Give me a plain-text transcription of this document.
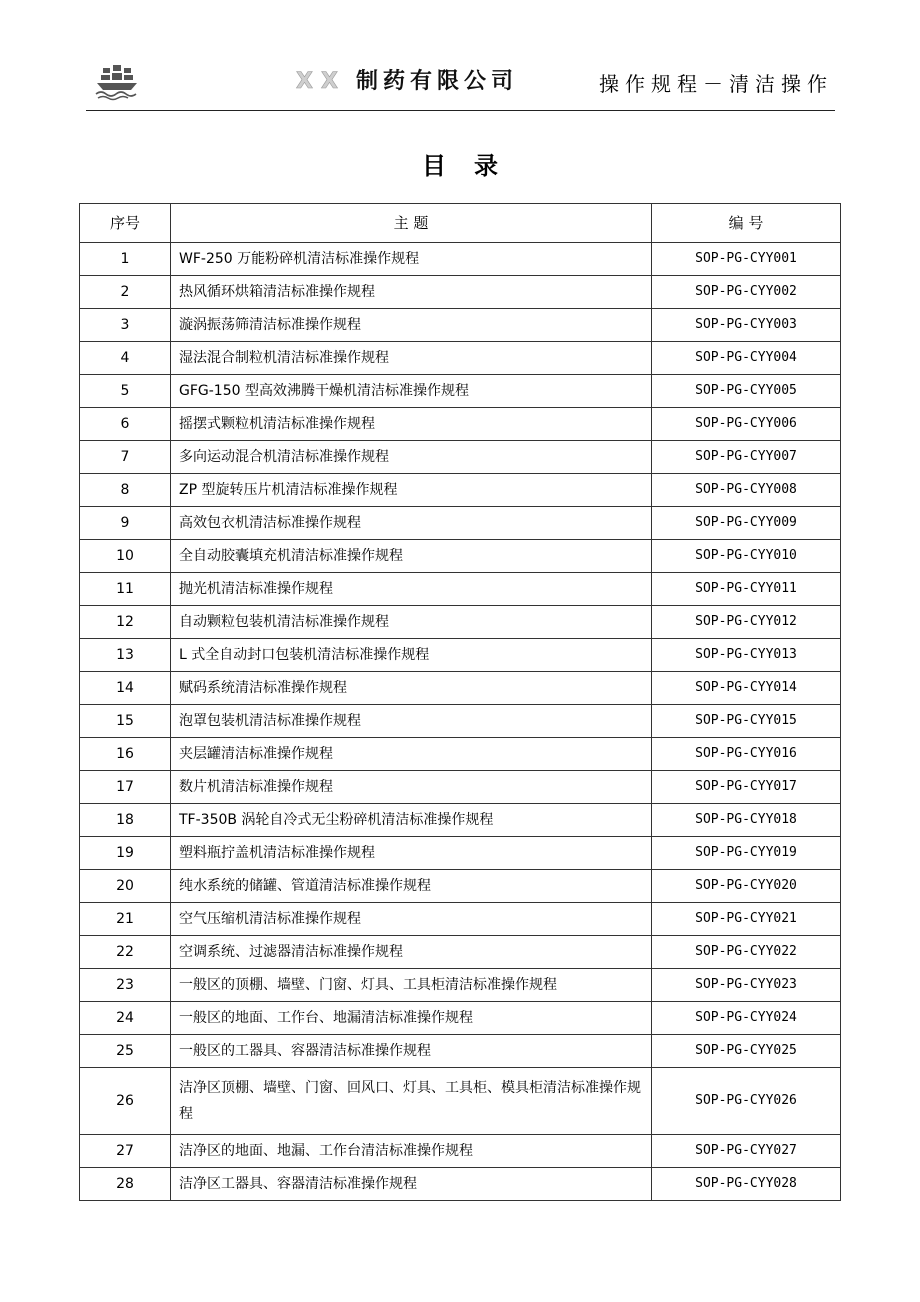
XX 制药有限公司	操作规程－清洁操作
目录
序号	主 题	编 号
1	WF-250 万能粉碎机清洁标准操作规程	SOP-PG-CYY001
2	热风循环烘箱清洁标准操作规程	SOP-PG-CYY002
3	漩涡振荡筛清洁标准操作规程	SOP-PG-CYY003
4	湿法混合制粒机清洁标准操作规程	SOP-PG-CYY004
5	GFG-150 型高效沸腾干燥机清洁标准操作规程	SOP-PG-CYY005
6	摇摆式颗粒机清洁标准操作规程	SOP-PG-CYY006
7	多向运动混合机清洁标准操作规程	SOP-PG-CYY007
8	ZP 型旋转压片机清洁标准操作规程	SOP-PG-CYY008
9	高效包衣机清洁标准操作规程	SOP-PG-CYY009
10	全自动胶囊填充机清洁标准操作规程	SOP-PG-CYY010
11	抛光机清洁标准操作规程	SOP-PG-CYY011
12	自动颗粒包装机清洁标准操作规程	SOP-PG-CYY012
13	L 式全自动封口包装机清洁标准操作规程	SOP-PG-CYY013
14	赋码系统清洁标准操作规程	SOP-PG-CYY014
15	泡罩包装机清洁标准操作规程	SOP-PG-CYY015
16	夹层罐清洁标准操作规程	SOP-PG-CYY016
17	数片机清洁标准操作规程	SOP-PG-CYY017
18	TF-350B 涡轮自冷式无尘粉碎机清洁标准操作规程	SOP-PG-CYY018
19	塑料瓶拧盖机清洁标准操作规程	SOP-PG-CYY019
20	纯水系统的储罐、管道清洁标准操作规程	SOP-PG-CYY020
21	空气压缩机清洁标准操作规程	SOP-PG-CYY021
22	空调系统、过滤器清洁标准操作规程	SOP-PG-CYY022
23	一般区的顶棚、墙壁、门窗、灯具、工具柜清洁标准操作规程	SOP-PG-CYY023
24	一般区的地面、工作台、地漏清洁标准操作规程	SOP-PG-CYY024
25	一般区的工器具、容器清洁标准操作规程	SOP-PG-CYY025
26	洁净区顶棚、墙壁、门窗、回风口、灯具、工具柜、模具柜清洁标准操作规程	SOP-PG-CYY026
27	洁净区的地面、地漏、工作台清洁标准操作规程	SOP-PG-CYY027
28	洁净区工器具、容器清洁标准操作规程	SOP-PG-CYY028
